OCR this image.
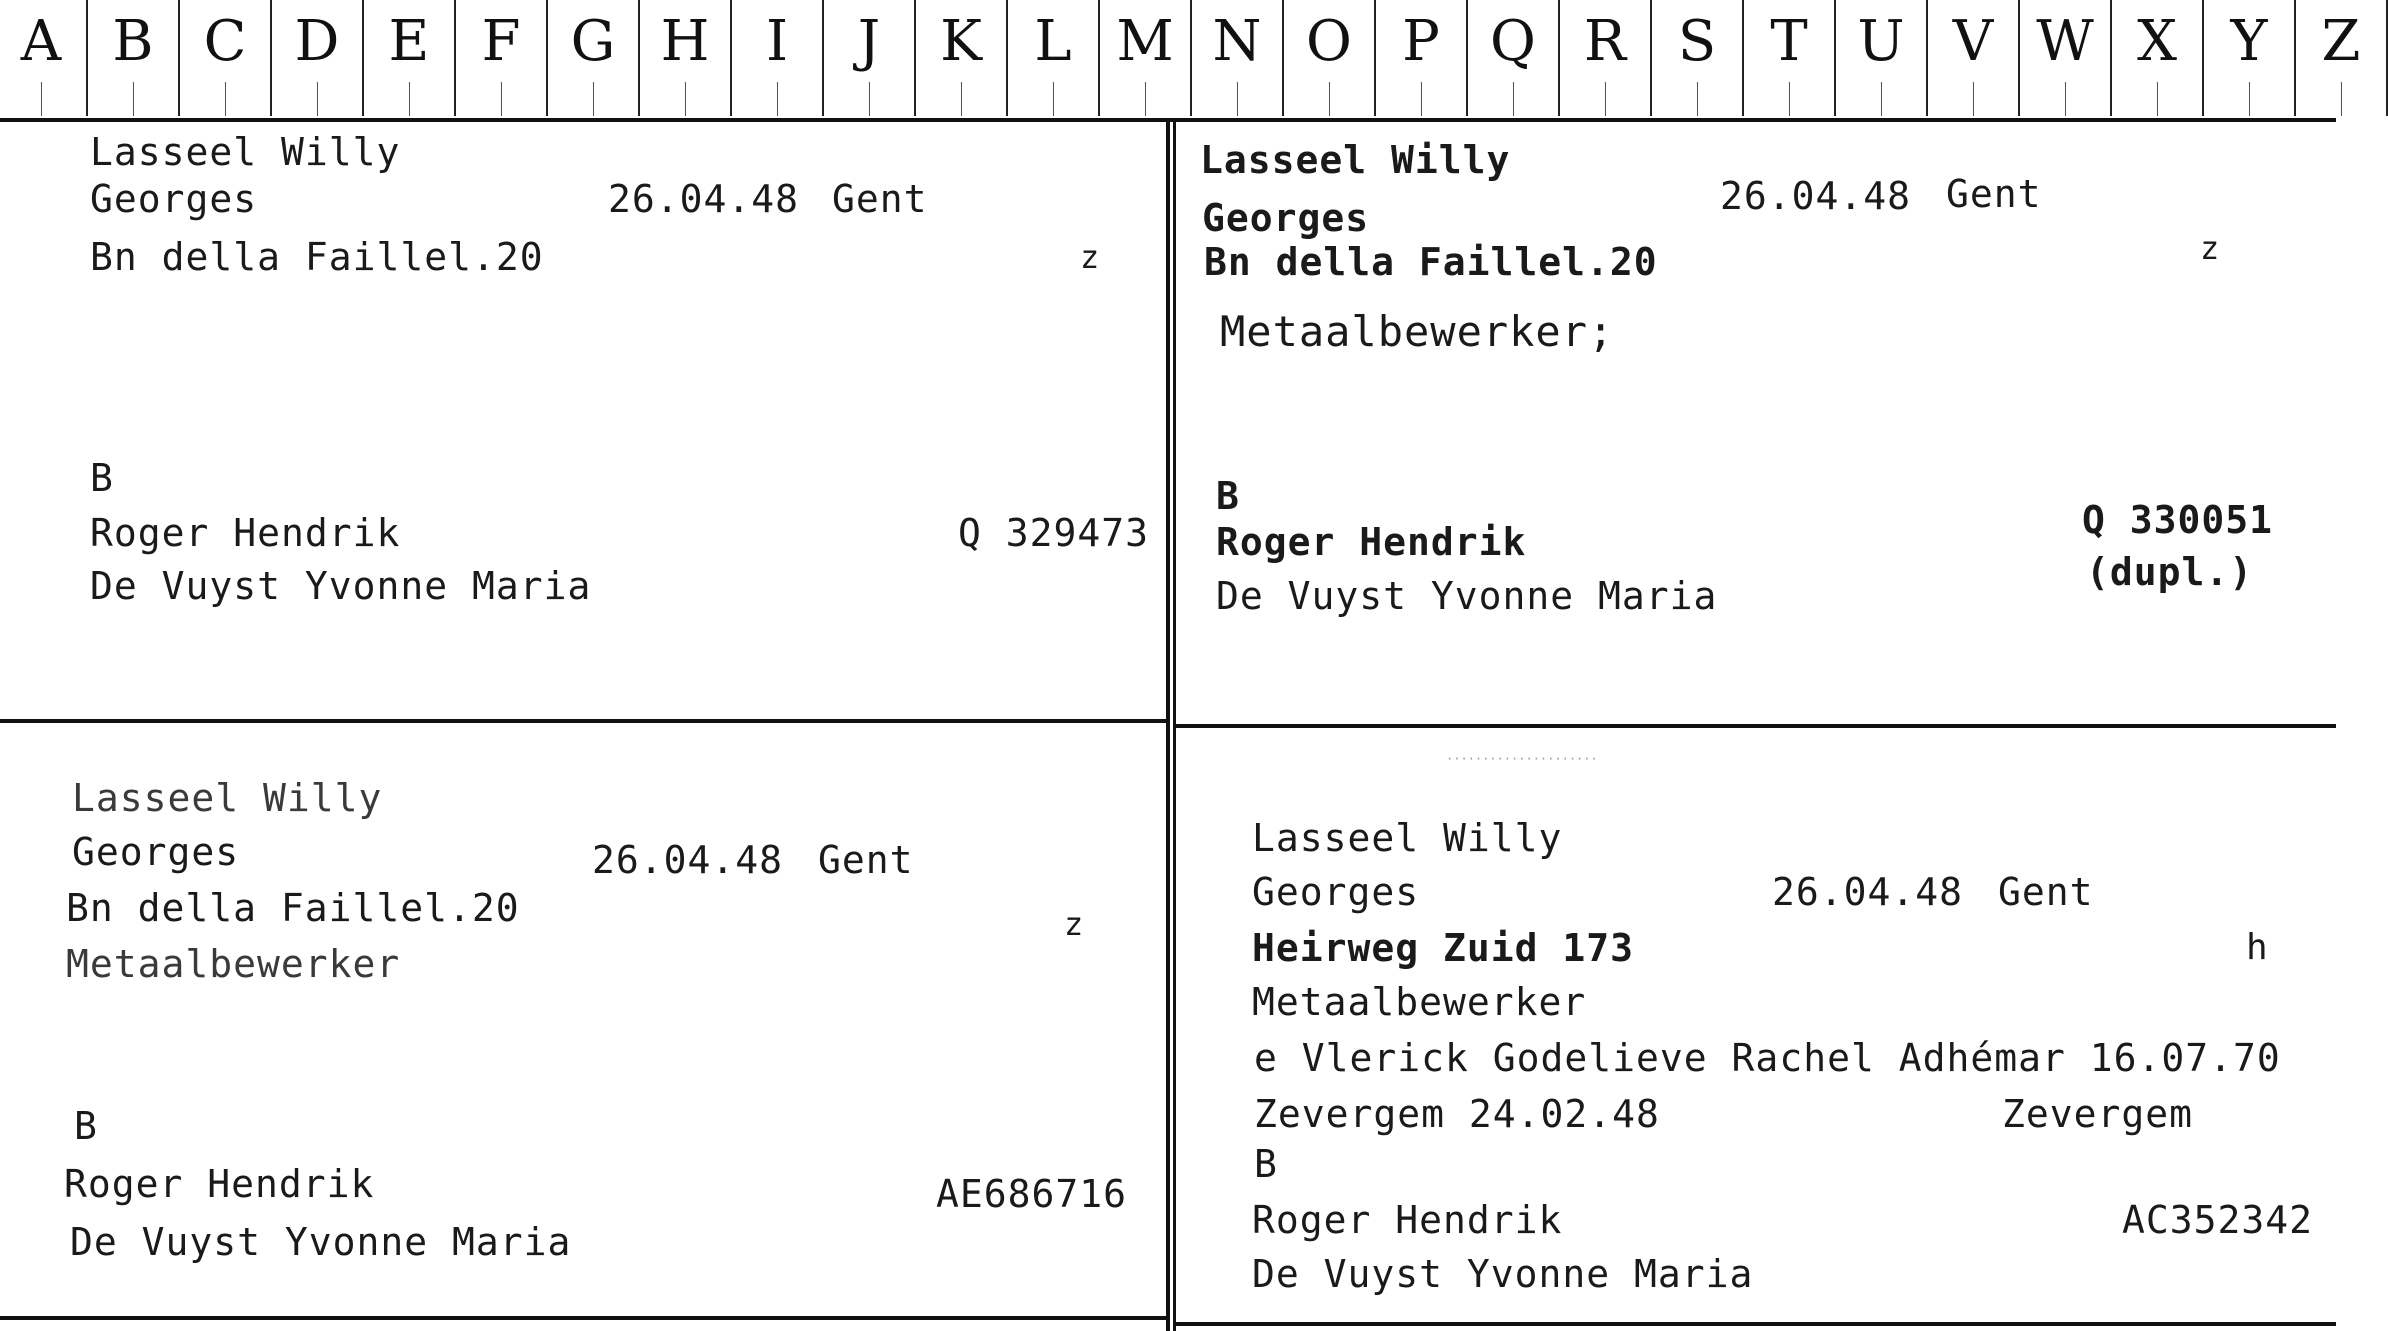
A B C D E F G H	I	J	K L M N O P Q R S T U V W X Y Z
Lasseel Willy
Georges	26.04.48 Gent
Bn della Faillel.20	z
B
Roger Hendrik	Q 329473
De Vuyst Yvonne Maria
Lasseel Willy
26.04.48 Gent
Georges
z
Bn della Faillel.20
Metaalbewerker;
B
Q 330051
Roger Hendrik
(dupl.)
De Vuyst Yvonne Maria
Lasseel Willy
Georges	26.04.48 Gent
Bn della Faillel.20	z
Metaalbewerker
B
Roger Hendrik	AE686716
De Vuyst Yvonne Maria
·····················
Lasseel Willy
Georges	26.04.48 Gent
Heirweg Zuid 173	h
Metaalbewerker
e Vlerick Godelieve Rachel Adhémar 16.07.70
Zevergem 24.02.48	Zevergem
B
Roger Hendrik	AC352342
De Vuyst Yvonne Maria
